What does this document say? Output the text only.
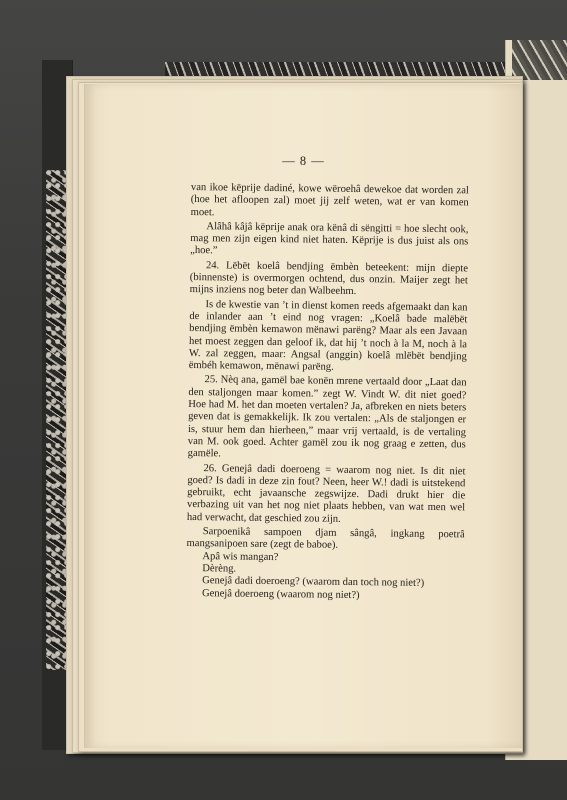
— 8 —

van ikoe këprije dadiné, kowe wëroehâ dewekoe dat worden zal (hoe het afloopen zal) moet jij zelf weten, wat er van komen moet.

Alâhâ kâjâ këprije anak ora kënâ di sëngitti = hoe slecht ook, mag men zijn eigen kind niet haten. Këprije is dus juist als ons „hoe.”

24. Lëbët koelâ bendjing ëmbèn beteekent: mijn diepte (binnenste) is overmorgen ochtend, dus onzin. Maijer zegt het mijns inziens nog beter dan Walbeehm.

Is de kwestie van ’t in dienst komen reeds afgemaakt dan kan de inlander aan ’t eind nog vragen: „Koelâ bade malëbët bendjing ëmbèn kemawon mënawi parëng? Maar als een Javaan het moest zeggen dan geloof ik, dat hij ’t noch à la M, noch à la W. zal zeggen, maar: Angsal (anggin) koelâ mlëbët bendjing ëmbéh kemawon, mënawi parëng.

25. Nèq ana, gamël bae konën mrene vertaald door „Laat dan den staljongen maar komen.” zegt W. Vindt W. dit niet goed? Hoe had M. het dan moeten vertalen? Ja, afbreken en niets beters geven dat is gemakkelijk. Ik zou vertalen: „Als de staljongen er is, stuur hem dan hierheen,” maar vrij vertaald, is de vertaling van M. ook goed. Achter gamël zou ik nog graag e zetten, dus gamële.

26. Genejâ dadi doeroeng = waarom nog niet. Is dit niet goed? Is dadi in deze zin fout? Neen, heer W.! dadi is uitstekend gebruikt, echt javaansche zegswijze. Dadi drukt hier die verbazing uit van het nog niet plaats hebben, van wat men wel had verwacht, dat geschied zou zijn.

Sarpoenikâ sampoen djam sângâ, ingkang poetrâ mangsanipoen sare (zegt de baboe).

Apâ wis mangan?

Dèrèng.

Genejâ dadi doeroeng? (waarom dan toch nog niet?)

Genejâ doeroeng (waarom nog niet?)
